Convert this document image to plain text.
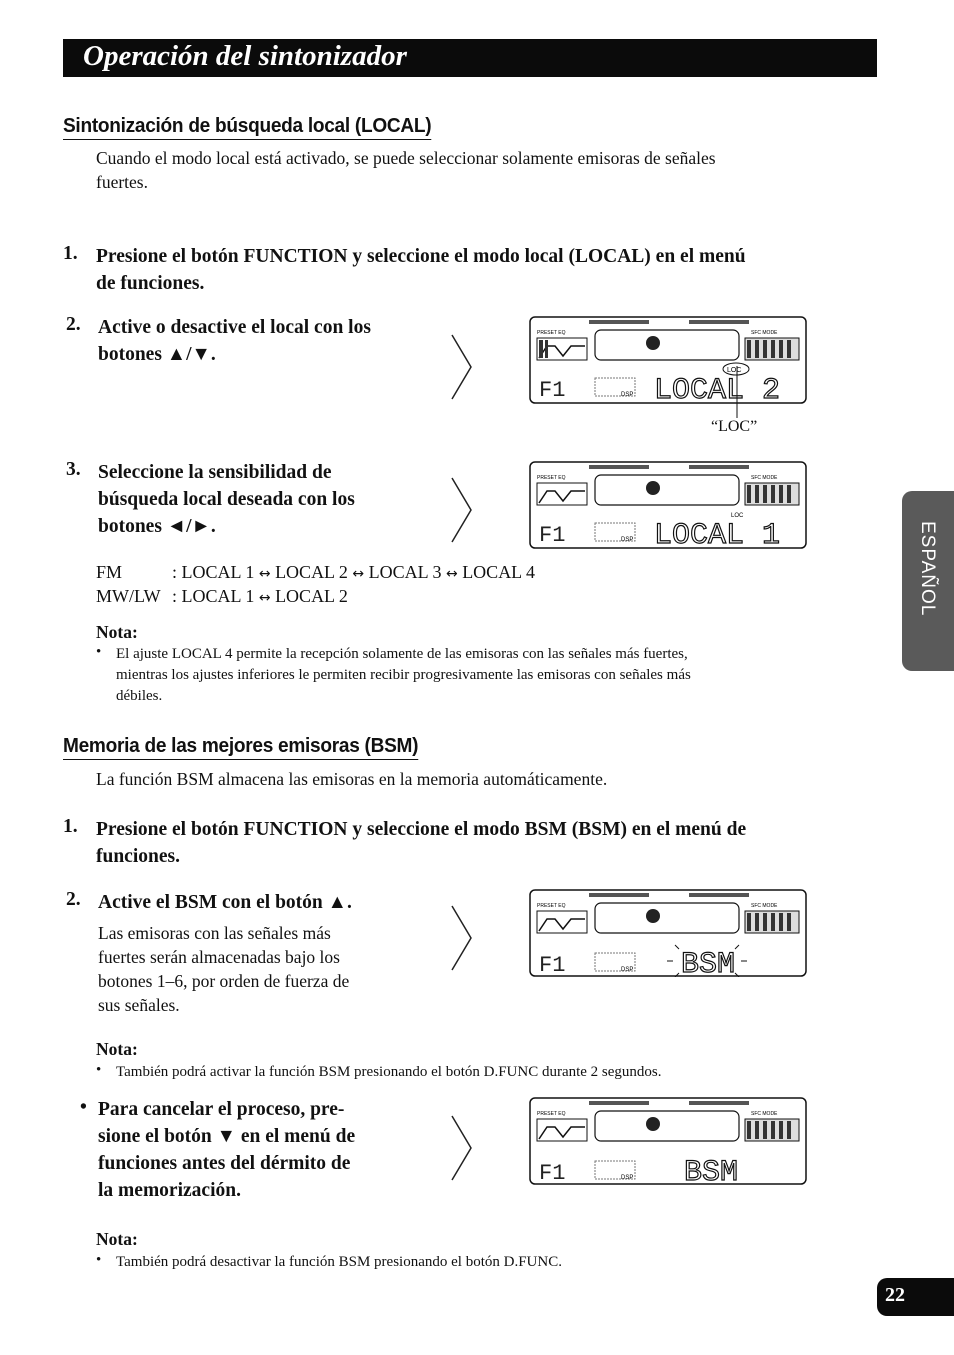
Operación del sintonizador
Sintonización de búsqueda local (LOCAL)
Cuando el modo local está activado, se puede seleccionar solamente emisoras de señales
fuertes.
1. Presione el botón FUNCTION y seleccione el modo local (LOCAL) en el menú
de funciones.
2. Active o desactive el local con los
botones ▲/▼.
3. Seleccione la sensibilidad de
búsqueda local deseada con los
botones ◄/►.
FM	: LOCAL 1 ↔ LOCAL 2 ↔ LOCAL 3 ↔ LOCAL 4
MW/LW : LOCAL 1 ↔ LOCAL 2
Nota:
• El ajuste LOCAL 4 permite la recepción solamente de las emisoras con las señales más fuertes,
mientras los ajustes inferiores le permiten recibir progresivamente las emisoras con señales más
débiles.
Memoria de las mejores emisoras (BSM)
La función BSM almacena las emisoras en la memoria automáticamente.
1. Presione el botón FUNCTION y seleccione el modo BSM (BSM) en el menú de
funciones.
2. Active el BSM con el botón ▲.
Las emisoras con las señales más
fuertes serán almacenadas bajo los
botones 1–6, por orden de fuerza de
sus señales.
Nota:
• También podrá activar la función BSM presionando el botón D.FUNC durante 2 segundos.
• Para cancelar el proceso, pre-
sione el botón ▼ en el menú de
funciones antes del dérmito de
la memorización.
Nota:
• También podrá desactivar la función BSM presionando el botón D.FUNC.
PRESET EQ	SFC MODE
LOC
F1	DSP LOCAL 2
“LOC”
PRESET EQ	SFC MODE
LOC
F1	DSP LOCAL 1
PRESET EQ	SFC MODE
F1	DSP BSM
PRESET EQ	SFC MODE
F1	DSP BSM
ESPAÑOL
22
